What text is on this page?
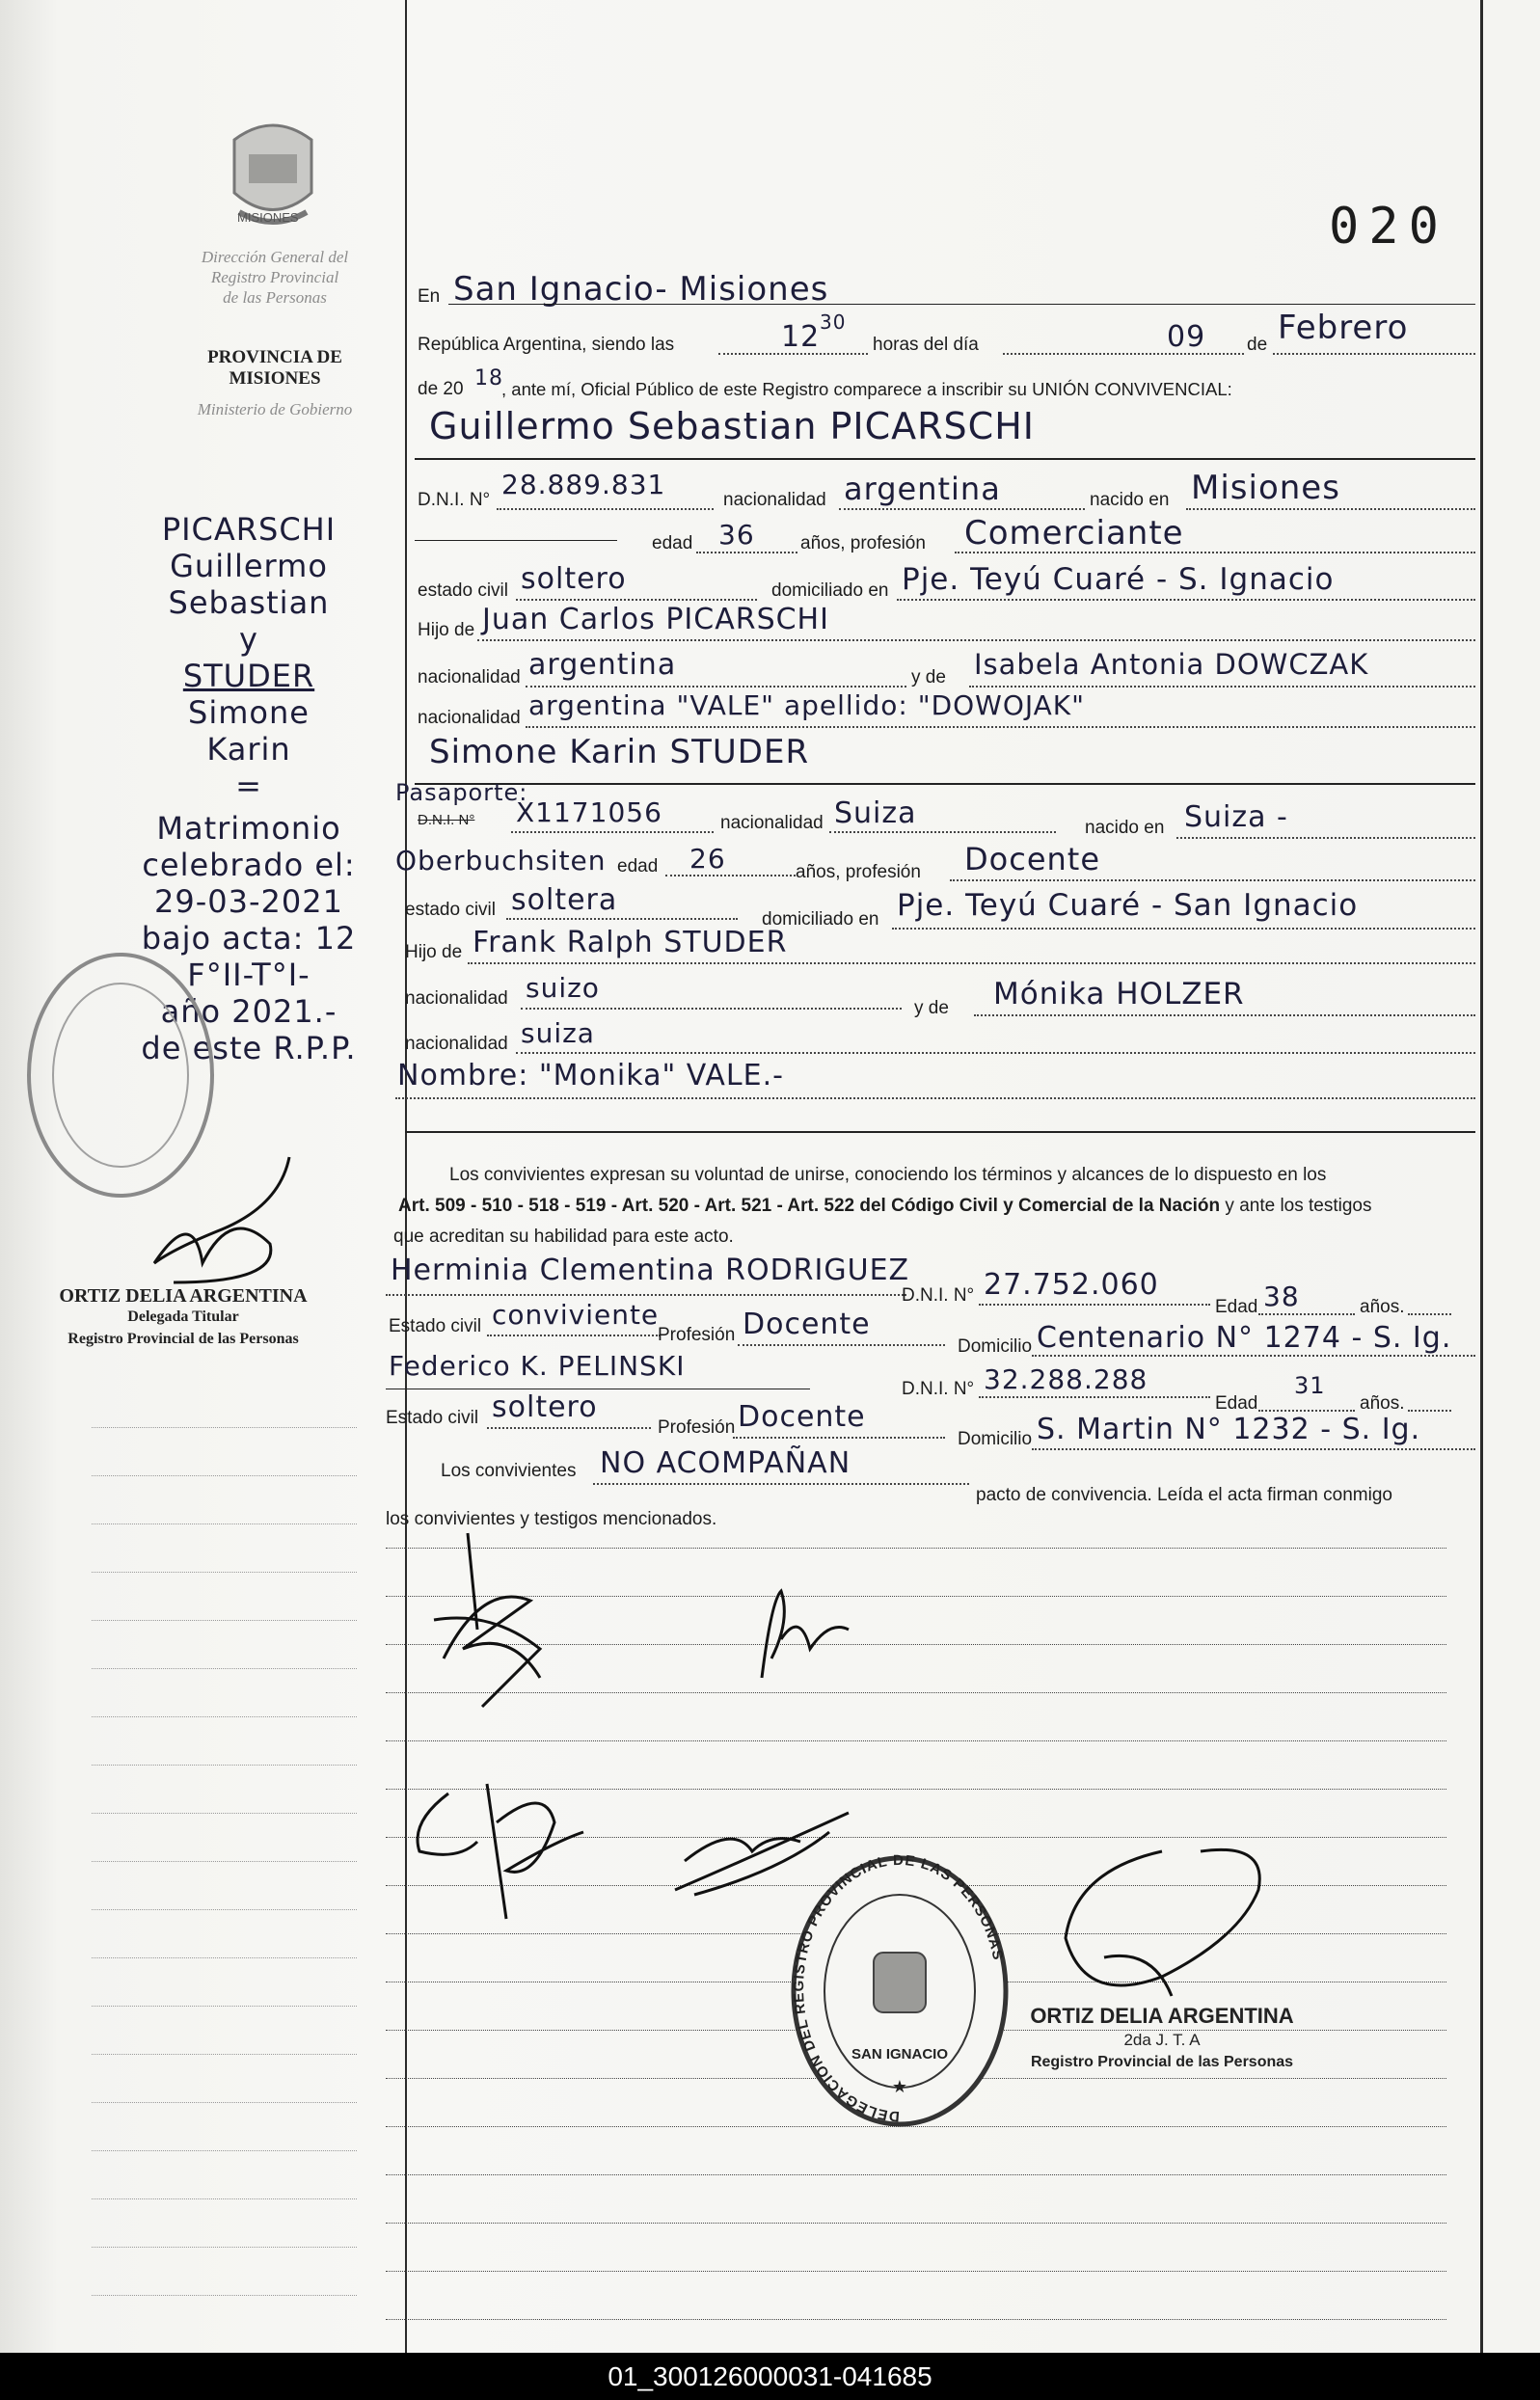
MISIONES
Dirección General del
Registro Provincial
de las Personas
PROVINCIA DE
MISIONES
Ministerio de Gobierno
PICARSCHI
Guillermo
Sebastian
y
STUDER
Simone
Karin
=
Matrimonio
celebrado el:
29-03-2021
bajo acta: 12
F°II-T°I-
año 2021.-
de este R.P.P.
ORTIZ DELIA ARGENTINA
Delegada Titular
Registro Provincial de las Personas
020
En San Ignacio- Misiones
República Argentina, siendo las	12 30
horas del día	09 de Febrero
de 20 18
, ante mí, Oficial Público de este Registro comparece a inscribir su UNIÓN CONVIVENCIAL:
Guillermo Sebastian PICARSCHI
D.N.I. N° 28.889.831	nacionalidad argentina	nacido en Misiones
edad 36 años, profesión Comerciante
estado civil soltero	domiciliado en Pje. Teyú Cuaré - S. Ignacio
Hijo de Juan Carlos PICARSCHI
nacionalidad argentina	y de Isabela Antonia DOWCZAK
nacionalidad argentina "VALE" apellido: "DOWOJAK"
Simone Karin STUDER
Pasaporte:
D.N.I. N° X1171056	nacionalidad Suiza	nacido en Suiza -
Oberbuchsiten edad 26	años, profesión Docente
estado civil soltera
domiciliado en Pje. Teyú Cuaré - San Ignacio
Hijo de Frank Ralph STUDER
nacionalidad suizo
y de Mónika HOLZER
nacionalidad suiza
Nombre: "Monika" VALE.-
Los convivientes expresan su voluntad de unirse, conociendo los términos y alcances de lo dispuesto en los
Art. 509 - 510 - 518 - 519 - Art. 520 - Art. 521 - Art. 522 del Código Civil y Comercial de la Nación y ante los testigos
que acreditan su habilidad para este acto.
Herminia Clementina RODRIGUEZ
D.N.I. N° 27.752.060
Edad 38	años.
Estado civil conviviente
Profesión Docente
Domicilio Centenario N° 1274 - S. Ig.
Federico K. PELINSKI
D.N.I. N° 32.288.288
Edad
31
años.
Estado civil soltero
Profesión Docente
Domicilio S. Martin N° 1232 - S. Ig.
Los convivientes NO ACOMPAÑAN
pacto de convivencia. Leída el acta firman conmigo
los convivientes y testigos mencionados.
DELEGACION DEL REGISTRO PROVINCIAL DE LAS PERSONAS
SAN IGNACIO
★
ORTIZ DELIA ARGENTINA
2da J. T. A
Registro Provincial de las Personas
01_300126000031-041685
